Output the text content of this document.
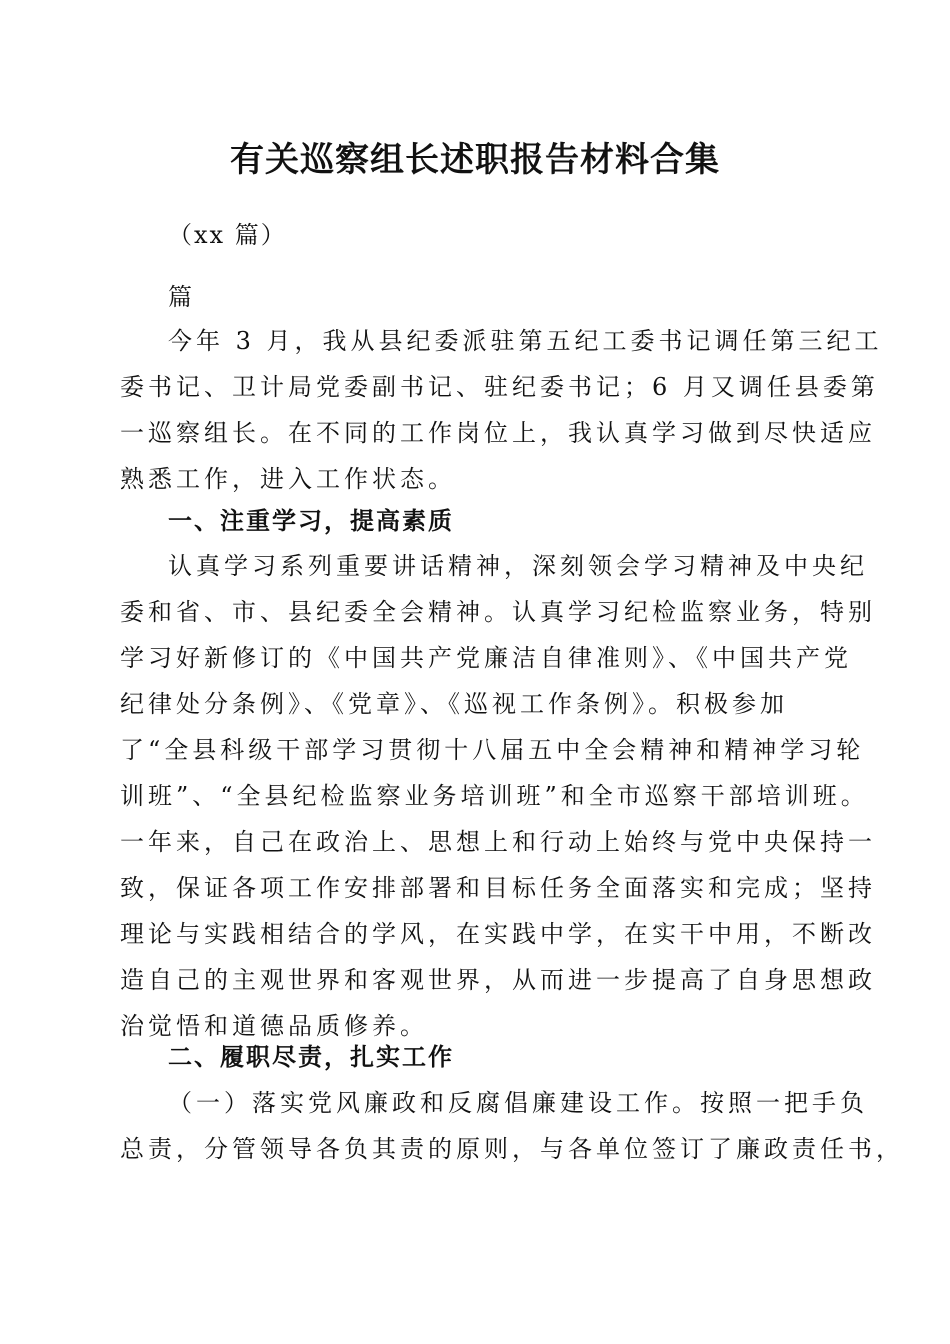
有关巡察组长述职报告材料合集
（xx 篇）
篇
今年 3 月，我从县纪委派驻第五纪工委书记调任第三纪工
委书记、卫计局党委副书记、驻纪委书记；6 月又调任县委第
一巡察组长。在不同的工作岗位上，我认真学习做到尽快适应
熟悉工作，进入工作状态。
一、注重学习，提高素质
认真学习系列重要讲话精神，深刻领会学习精神及中央纪
委和省、市、县纪委全会精神。认真学习纪检监察业务，特别
学习好新修订的《中国共产党廉洁自律准则》、《中国共产党
纪律处分条例》、《党章》、《巡视工作条例》。积极参加
了“全县科级干部学习贯彻十八届五中全会精神和精神学习轮
训班”、“全县纪检监察业务培训班”和全市巡察干部培训班。
一年来，自己在政治上、思想上和行动上始终与党中央保持一
致，保证各项工作安排部署和目标任务全面落实和完成；坚持
理论与实践相结合的学风，在实践中学，在实干中用，不断改
造自己的主观世界和客观世界，从而进一步提高了自身思想政
治觉悟和道德品质修养。
二、履职尽责，扎实工作
（一）落实党风廉政和反腐倡廉建设工作。按照一把手负
总责，分管领导各负其责的原则，与各单位签订了廉政责任书，
